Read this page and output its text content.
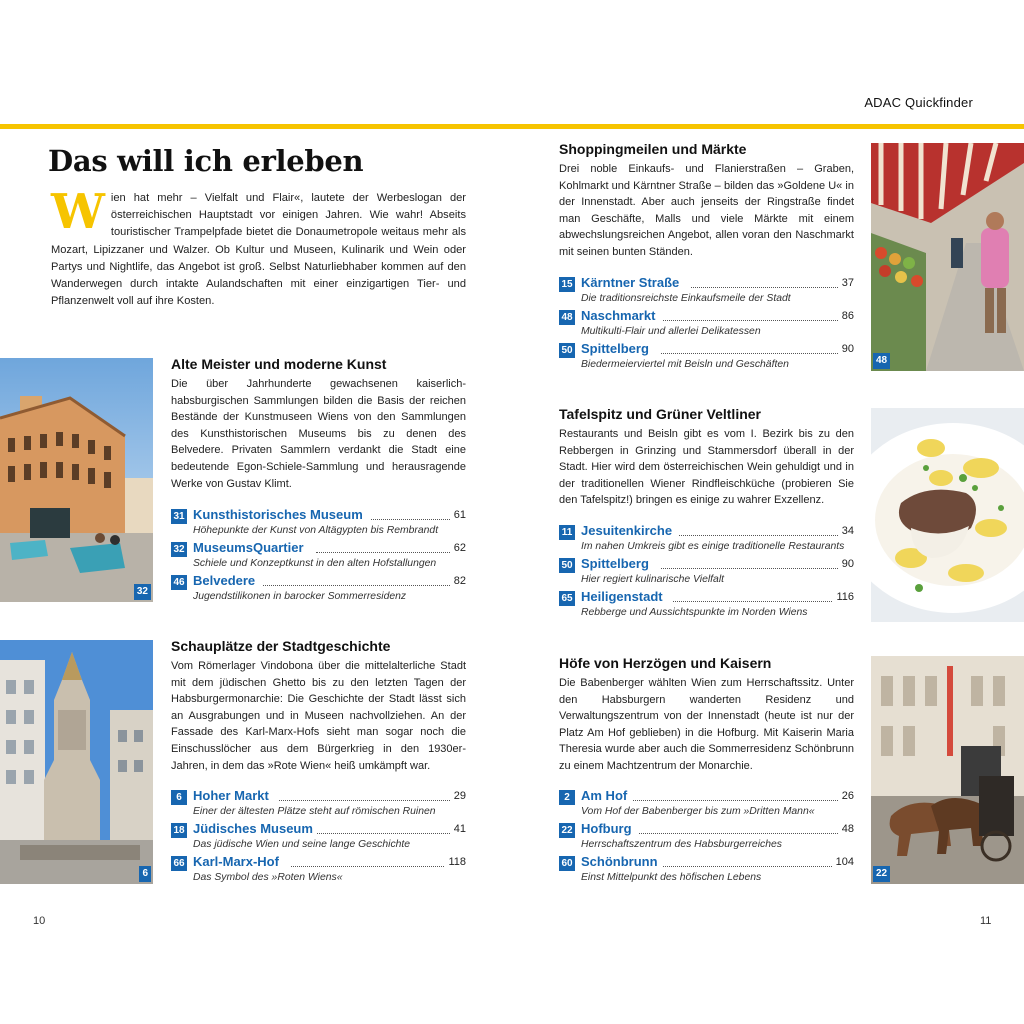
ADAC Quickfinder
Das will ich erleben
Wien hat mehr – Vielfalt und Flair«, lautete der Werbeslogan der österreichischen Hauptstadt vor einigen Jahren. Wie wahr! Abseits touristischer Trampelpfade bietet die Donaumetropole weitaus mehr als Mozart, Lipizzaner und Walzer. Ob Kultur und Museen, Kulinarik und Wein oder Partys und Nightlife, das Angebot ist groß. Selbst Naturliebhaber kommen auf den Wanderwegen durch intakte Aulandschaften mit einer einzigartigen Tier- und Pflanzenwelt voll auf ihre Kosten.
32
Alte Meister und moderne Kunst
Die über Jahrhunderte gewachsenen kaiserlich-habsburgischen Sammlungen bilden die Basis der reichen Bestände der Kunstmuseen Wiens von den Sammlungen des Kunsthistorischen Museums bis zu denen des Belvedere. Privaten Sammlern verdankt die Stadt eine bedeutende Egon-Schiele-Sammlung und herausragende Werke von Gustav Klimt.
31 Kunsthistorisches Museum	61
Höhepunkte der Kunst von Altägypten bis Rembrandt
32 MuseumsQuartier	62
Schiele und Konzeptkunst in den alten Hofstallungen
46 Belvedere	82
Jugendstilikonen in barocker Sommerresidenz
6
Schauplätze der Stadtgeschichte
Vom Römerlager Vindobona über die mittelalterliche Stadt mit dem jüdischen Ghetto bis zu den letzten Tagen der Habsburgermonarchie: Die Geschichte der Stadt lässt sich an Ausgrabungen und in Museen nachvollziehen. An der Fassade des Karl-Marx-Hofs sieht man sogar noch die Einschusslöcher aus dem Bürgerkrieg in den 1930er-Jahren, in dem das »Rote Wien« heiß umkämpft war.
6 Hoher Markt	29
Einer der ältesten Plätze steht auf römischen Ruinen
18 Jüdisches Museum	41
Das jüdische Wien und seine lange Geschichte
66 Karl-Marx-Hof	118
Das Symbol des »Roten Wiens«
Shoppingmeilen und Märkte
Drei noble Einkaufs- und Flanierstraßen – Graben, Kohlmarkt und Kärntner Straße – bilden das »Goldene U« in der Innenstadt. Aber auch jenseits der Ringstraße findet man Geschäfte, Malls und viele Märkte mit einem abwechslungsreichen Angebot, allen voran den Naschmarkt mit seinen bunten Ständen.
15 Kärntner Straße	37
Die traditionsreichste Einkaufsmeile der Stadt
48 Naschmarkt	86
Multikulti-Flair und allerlei Delikatessen
50 Spittelberg	90
Biedermeierviertel mit Beisln und Geschäften	48
Tafelspitz und Grüner Veltliner
Restaurants und Beisln gibt es vom I. Bezirk bis zu den Rebbergen in Grinzing und Stammersdorf überall in der Stadt. Hier wird dem österreichischen Wein gehuldigt und in der traditionellen Wiener Rindfleischküche (probieren Sie den Tafelspitz!) bringen es einige zu wahrer Exzellenz.
11 Jesuitenkirche	34
Im nahen Umkreis gibt es einige traditionelle Restaurants
50 Spittelberg	90
Hier regiert kulinarische Vielfalt
65 Heiligenstadt	116
Rebberge und Aussichtspunkte im Norden Wiens
Höfe von Herzögen und Kaisern
Die Babenberger wählten Wien zum Herrschaftssitz. Unter den Habsburgern wanderten Residenz und Verwaltungszentrum von der Innenstadt (heute ist nur der Platz Am Hof geblieben) in die Hofburg. Mit Kaiserin Maria Theresia wurde aber auch die Sommerresidenz Schönbrunn zu einem Machtzentrum der Monarchie.
2 Am Hof	26
Vom Hof der Babenberger bis zum »Dritten Mann«
22 Hofburg	48
Herrschaftszentrum des Habsburgerreiches
60 Schönbrunn	104
Einst Mittelpunkt des höfischen Lebens	22
10	11
